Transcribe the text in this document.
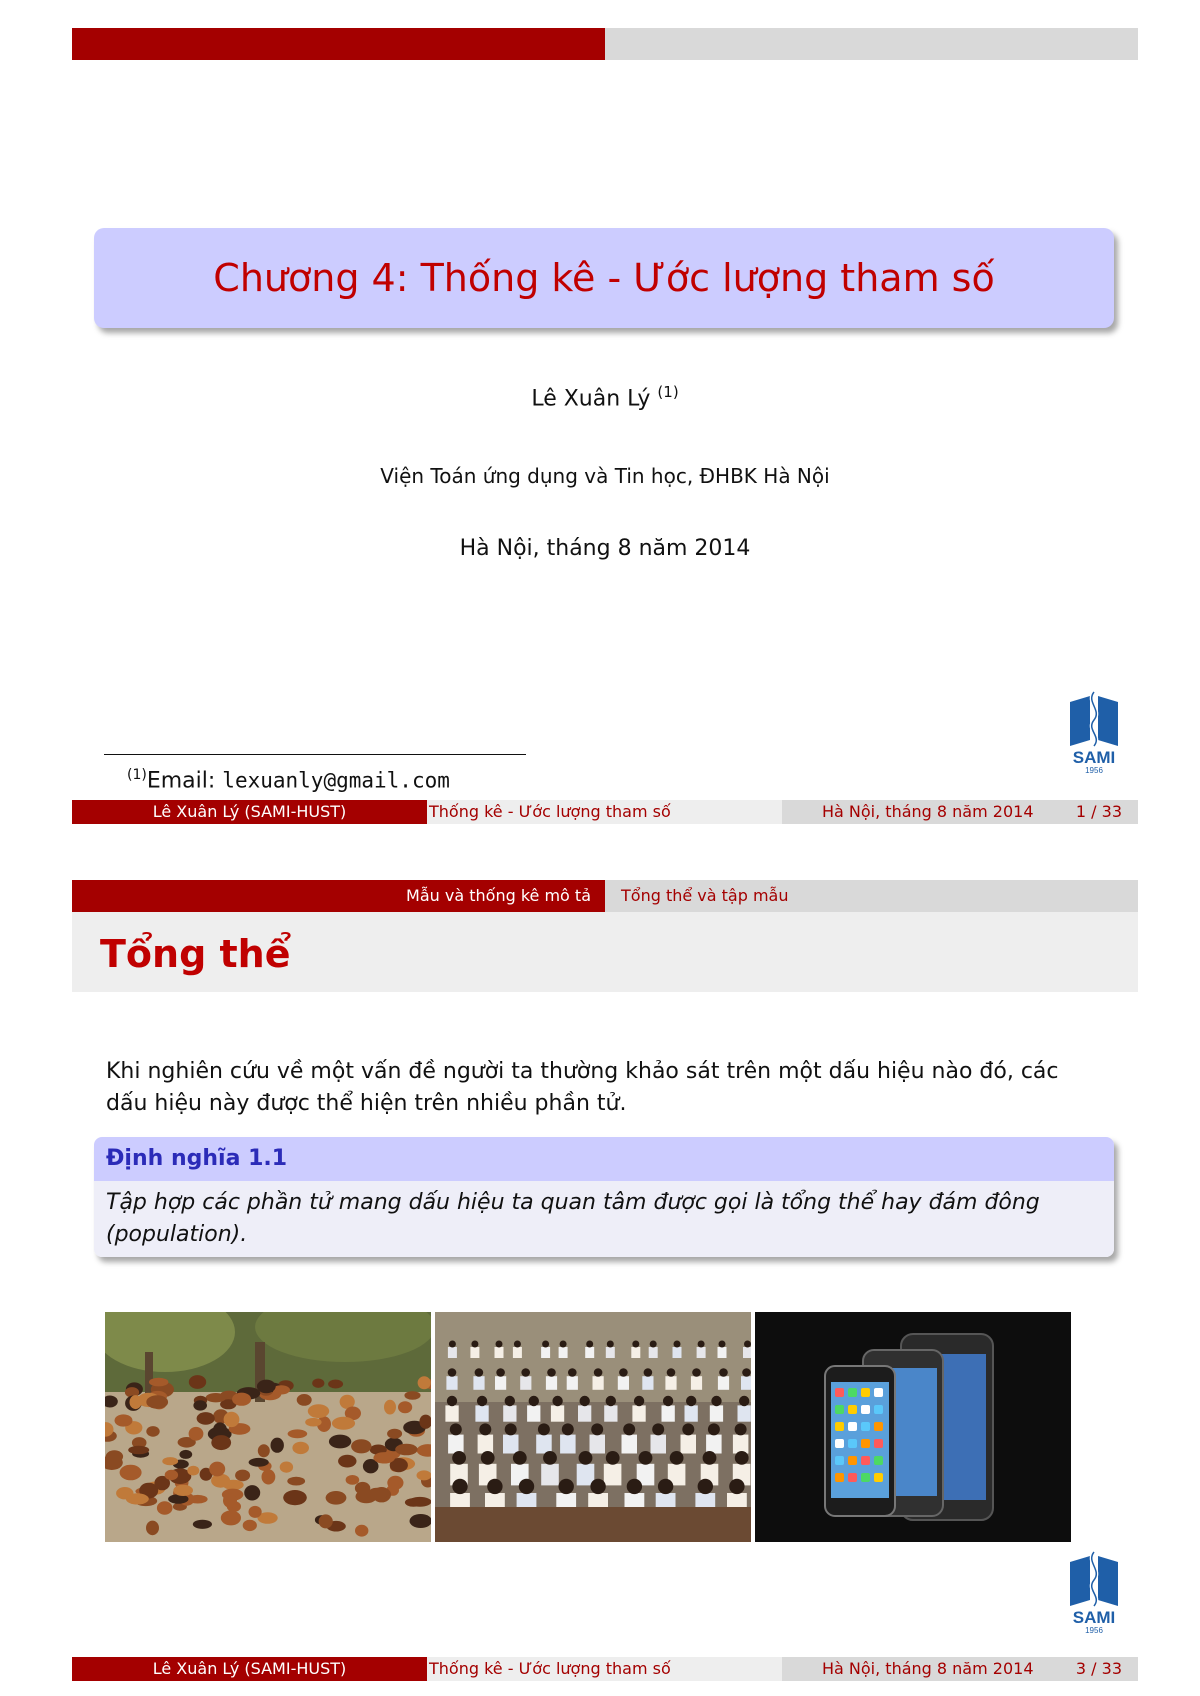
Chương 4: Thống kê - Ước lượng tham số
Lê Xuân Lý $^{(1)}$
Viện Toán ứng dụng và Tin học, ĐHBK Hà Nội
Hà Nội, tháng 8 năm 2014
$^{(1)}$Email: lexuanly@gmail.com
SAMI
1956
Lê Xuân Lý (SAMI-HUST)	Thống kê - Ước lượng tham số	Hà Nội, tháng 8 năm 2014	1 / 33
Mẫu và thống kê mô tả	Tổng thể và tập mẫu
Tổng thể
Khi nghiên cứu về một vấn đề người ta thường khảo sát trên một dấu hiệu nào đó, các dấu hiệu này được thể hiện trên nhiều phần tử.
Định nghĩa 1.1
Tập hợp các phần tử mang dấu hiệu ta quan tâm được gọi là tổng thể hay đám đông (population).
SAMI
1956
Lê Xuân Lý (SAMI-HUST)	Thống kê - Ước lượng tham số	Hà Nội, tháng 8 năm 2014	3 / 33
